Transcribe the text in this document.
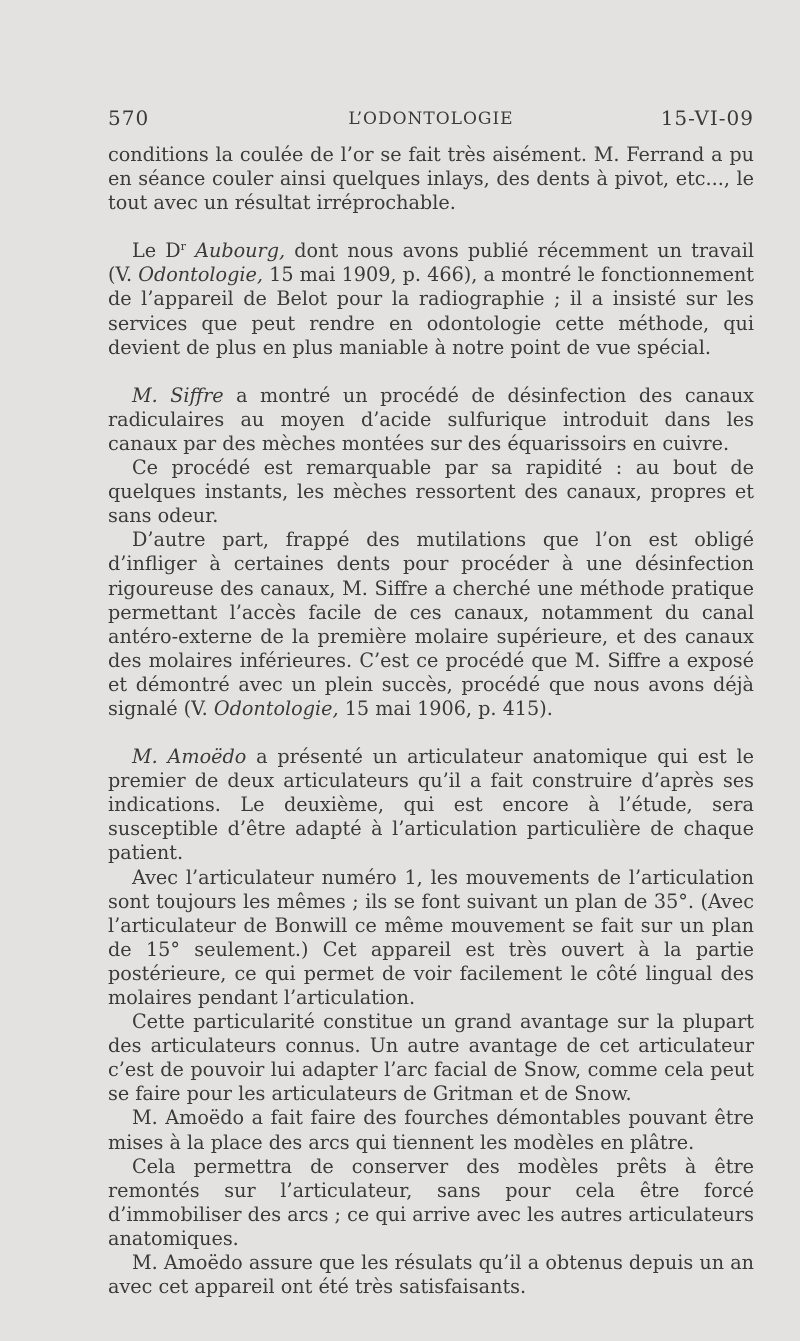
570	L’ODONTOLOGIE	15-VI-09

conditions la coulée de l’or se fait très aisément. M. Ferrand a pu en séance couler ainsi quelques inlays, des dents à pivot, etc..., le tout avec un résultat irréprochable.

Le $D^r$ Aubourg, dont nous avons publié récemment un travail (V. Odontologie, 15 mai 1909, p. 466), a montré le fonctionnement de l’appareil de Belot pour la radiographie ; il a insisté sur les services que peut rendre en odontologie cette méthode, qui devient de plus en plus maniable à notre point de vue spécial.

M. Siffre a montré un procédé de désinfection des canaux radiculaires au moyen d’acide sulfurique introduit dans les canaux par des mèches montées sur des équarissoirs en cuivre.

Ce procédé est remarquable par sa rapidité : au bout de quelques instants, les mèches ressortent des canaux, propres et sans odeur.

D’autre part, frappé des mutilations que l’on est obligé d’infliger à certaines dents pour procéder à une désinfection rigoureuse des canaux, M. Siffre a cherché une méthode pratique permettant l’accès facile de ces canaux, notamment du canal antéro-externe de la première molaire supérieure, et des canaux des molaires inférieures. C’est ce procédé que M. Siffre a exposé et démontré avec un plein succès, procédé que nous avons déjà signalé (V. Odontologie, 15 mai 1906, p. 415).

M. Amoëdo a présenté un articulateur anatomique qui est le premier de deux articulateurs qu’il a fait construire d’après ses indications. Le deuxième, qui est encore à l’étude, sera susceptible d’être adapté à l’articulation particulière de chaque patient.

Avec l’articulateur numéro 1, les mouvements de l’articulation sont toujours les mêmes ; ils se font suivant un plan de 35°. (Avec l’articulateur de Bonwill ce même mouvement se fait sur un plan de 15° seulement.) Cet appareil est très ouvert à la partie postérieure, ce qui permet de voir facilement le côté lingual des molaires pendant l’articulation.

Cette particularité constitue un grand avantage sur la plupart des articulateurs connus. Un autre avantage de cet articulateur c’est de pouvoir lui adapter l’arc facial de Snow, comme cela peut se faire pour les articulateurs de Gritman et de Snow.

M. Amoëdo a fait faire des fourches démontables pouvant être mises à la place des arcs qui tiennent les modèles en plâtre.

Cela permettra de conserver des modèles prêts à être remontés sur l’articulateur, sans pour cela être forcé d’immobiliser des arcs ; ce qui arrive avec les autres articulateurs anatomiques.

M. Amoëdo assure que les résulats qu’il a obtenus depuis un an avec cet appareil ont été très satisfaisants.
